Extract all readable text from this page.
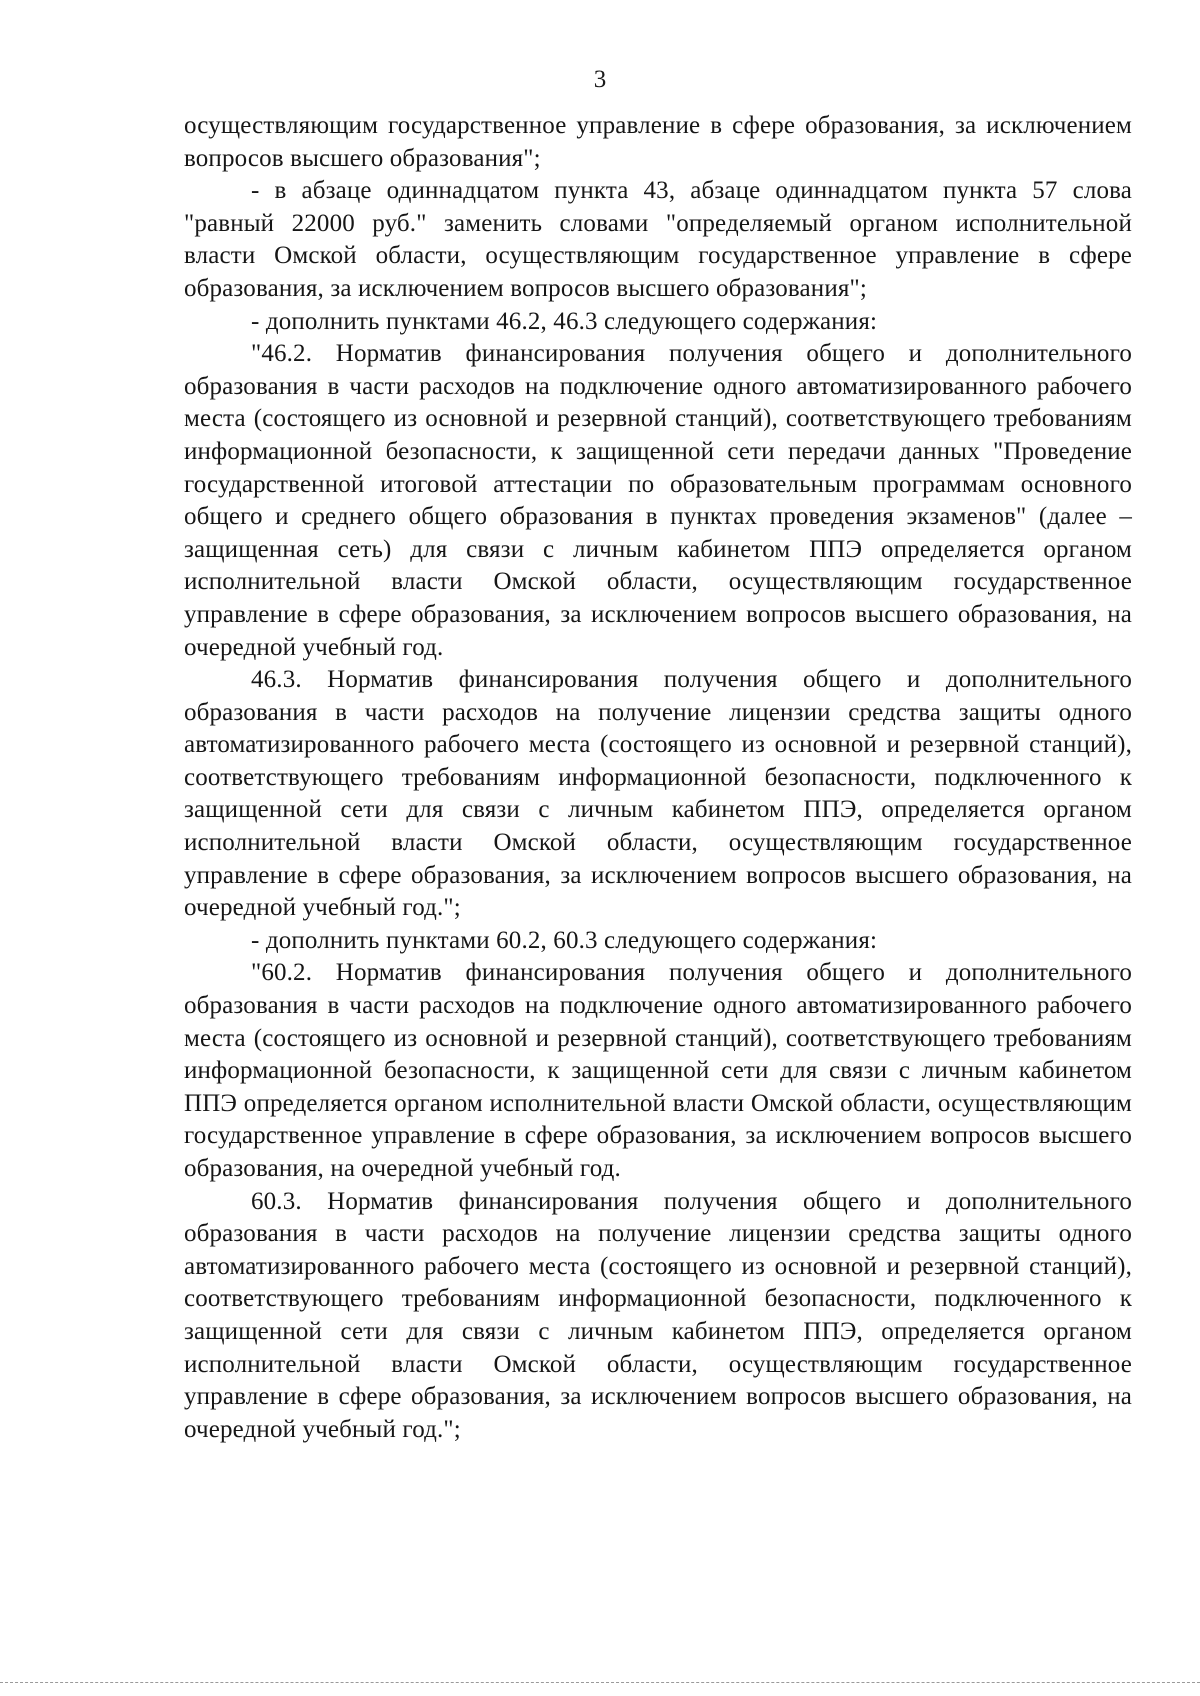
3

осуществляющим государственное управление в сфере образования, за исключением вопросов высшего образования";

- в абзаце одиннадцатом пункта 43, абзаце одиннадцатом пункта 57 слова "равный 22000 руб." заменить словами "определяемый органом исполнительной власти Омской области, осуществляющим государственное управление в сфере образования, за исключением вопросов высшего образования";

- дополнить пунктами 46.2, 46.3 следующего содержания:

"46.2. Норматив финансирования получения общего и дополнительного образования в части расходов на подключение одного автоматизированного рабочего места (состоящего из основной и резервной станций), соответствующего требованиям информационной безопасности, к защищенной сети передачи данных "Проведение государственной итоговой аттестации по образовательным программам основного общего и среднего общего образования в пунктах проведения экзаменов" (далее – защищенная сеть) для связи с личным кабинетом ППЭ определяется органом исполнительной власти Омской области, осуществляющим государственное управление в сфере образования, за исключением вопросов высшего образования, на очередной учебный год.

46.3. Норматив финансирования получения общего и дополнительного образования в части расходов на получение лицензии средства защиты одного автоматизированного рабочего места (состоящего из основной и резервной станций), соответствующего требованиям информационной безопасности, подключенного к защищенной сети для связи с личным кабинетом ППЭ, определяется органом исполнительной власти Омской области, осуществляющим государственное управление в сфере образования, за исключением вопросов высшего образования, на очередной учебный год.";

- дополнить пунктами 60.2, 60.3 следующего содержания:

"60.2. Норматив финансирования получения общего и дополнительного образования в части расходов на подключение одного автоматизированного рабочего места (состоящего из основной и резервной станций), соответствующего требованиям информационной безопасности, к защищенной сети для связи с личным кабинетом ППЭ определяется органом исполнительной власти Омской области, осуществляющим государственное управление в сфере образования, за исключением вопросов высшего образования, на очередной учебный год.

60.3. Норматив финансирования получения общего и дополнительного образования в части расходов на получение лицензии средства защиты одного автоматизированного рабочего места (состоящего из основной и резервной станций), соответствующего требованиям информационной безопасности, подключенного к защищенной сети для связи с личным кабинетом ППЭ, определяется органом исполнительной власти Омской области, осуществляющим государственное управление в сфере образования, за исключением вопросов высшего образования, на очередной учебный год.";
